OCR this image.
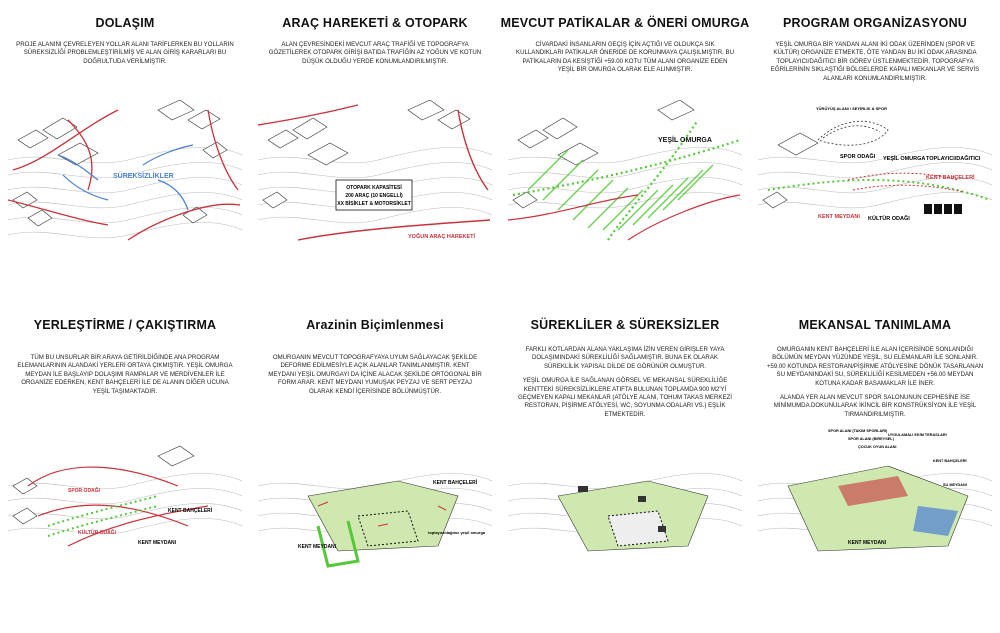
DOLAŞIM

PROJE ALANINI ÇEVRELEYEN YOLLAR ALANI TARİFLERKEN BU YOLLARIN SÜREKSİZLİĞİ PROBLEMLEŞTİRİLMİŞ VE ALAN GİRİŞ KARARLARI BU DOĞRULTUDA VERİLMİŞTİR.

SÜREKSİZLİKLER
ARAÇ HAREKETİ & OTOPARK

ALAN ÇEVRESİNDEKİ MEVCUT ARAÇ TRAFİĞİ VE TOPOGRAFYA GÖZETİLEREK OTOPARK GİRİŞİ BATIDA TRAFİĞİN AZ YOĞUN VE KOTUN DÜŞÜK OLDUĞU YERDE KONUMLANDIRILMIŞTIR.

OTOPARK KAPASİTESİ
200 ARAÇ (10 ENGELLİ)
XX BİSİKLET & MOTORSİKLET
YOĞUN ARAÇ HAREKETİ
MEVCUT PATİKALAR & ÖNERİ OMURGA

CİVARDAKİ İNSANLARIN GEÇİŞ İÇİN AÇTIĞI VE OLDUKÇA SIK KULLANDIKLARI PATİKALAR ÖNERİDE DE KORUNMAYA ÇALIŞILMIŞTIR. BU PATİKALARIN DA KESİŞTİĞİ +59.00 KOTU TÜM ALANI ORGANİZE EDEN YEŞİL BİR OMURGA OLARAK ELE ALINMIŞTIR.

YEŞİL OMURGA
PROGRAM ORGANİZASYONU

YEŞİL OMURGA BİR YANDAN ALANI İKİ ODAK ÜZERİNDEN (SPOR VE KÜLTÜR) ORGANİZE ETMEKTE, ÖTE YANDAN BU İKİ ODAK ARASINDA TOPLAYICI/DAĞITICI BİR GÖREV ÜSTLENMEKTEDİR. TOPOGRAFYA EĞRİLERİNİN SIKLAŞTIĞI BÖLGELERDE KAPALI MEKANLAR VE SERVİS ALANLARI KONUMLANDIRILMIŞTIR.

YÜRÜYÜŞ ALANI / SEYİRLİK & SPOR
SPOR ODAĞI YEŞİL OMURGA TOPLAYICI/DAĞITICI
KENT BAHÇELERİ
KENT MEYDANI KÜLTÜR ODAĞI
YERLEŞTİRME / ÇAKIŞTIRMA

TÜM BU UNSURLAR BİR ARAYA GETİRİLDİĞİNDE ANA PROGRAM ELEMANLARININ ALANDAKİ YERLERİ ORTAYA ÇIKMIŞTIR. YEŞİL OMURGA MEYDAN İLE BAŞLAYIP DOLAŞIMI RAMPALAR VE MERDİVENLER İLE ORGANİZE EDERKEN, KENT BAHÇELERİ İLE DE ALANIN DİĞER UCUNA YEŞİL TAŞIMAKTADIR.

SPOR ODAĞI
KÜLTÜR ODAĞI
KENT BAHÇELERİ
KENT MEYDANI
Arazinin Biçimlenmesi

OMURGANIN MEVCUT TOPOGRAFYAYA UYUM SAĞLAYACAK ŞEKİLDE DEFORME EDİLMESİYLE AÇIK ALANLAR TANIMLANMIŞTIR. KENT MEYDANI YEŞİL OMURGAYI DA İÇİNE ALACAK ŞEKİLDE ORTOGONAL BİR FORM ARAR. KENT MEYDANI YUMUŞAK PEYZAJ VE SERT PEYZAJ OLARAK KENDİ İÇERİSİNDE BÖLÜNMÜŞTÜR.

KENT BAHÇELERİ
toplayıcı/dağıtıcı yeşil omurga
KENT MEYDANI
SÜREKLİLER & SÜREKSİZLER

FARKLI KOTLARDAN ALANA YAKLAŞIMA İZİN VEREN GİRİŞLER YAYA DOLAŞIMINDAKİ SÜREKLİLİĞİ SAĞLAMIŞTIR. BUNA EK OLARAK SÜREKLİLİK YAPISAL DİLDE DE GÖRÜNÜR OLMUŞTUR.

YEŞİL OMURGA İLE SAĞLANAN GÖRSEL VE MEKANSAL SÜREKLİLİĞE KENTTEKİ SÜREKSİZLİKLERE ATIFTA BULUNAN TOPLAMDA 900 M2'Yİ GEÇMEYEN KAPALI MEKANLAR (ATÖLYE ALANI, TOHUM TAKAS MERKEZİ RESTORAN, PİŞİRME ATÖLYESİ, WC, SOYUNMA ODALARI VS.) EŞLİK ETMEKTEDİR.

MEKANSAL TANIMLAMA

OMURGANIN KENT BAHÇELERİ İLE ALAN İÇERİSİNDE SONLANDIĞI BÖLÜMÜN MEYDAN YÜZÜNDE YEŞİL, SU ELEMANLARI İLE SONLANIR. +59.00 KOTUNDA RESTORAN/PİŞİRME ATÖLYESİNE DÖNÜK TASARLANAN SU MEYDANINDAKİ SU, SÜREKLİLİĞİ KESİLMEDEN +56.00 MEYDAN KOTUNA KADAR BASAMAKLAR İLE İNER.

ALANDA YER ALAN MEVCUT SPOR SALONUNUN CEPHESİNE İSE MİNİMUMDA DOKUNULARAK İKİNCİL BİR KONSTRÜKSİYON İLE YEŞİL TIRMANDIRILMIŞTIR.

SPOR ALANI (TAKIM SPORLARI)
SPOR ALANI (BIREYSEL)
ÇOCUK OYUN ALANI
UYGULAMALI EKİM TERASLARI
KENT BAHÇELERİ
SU MEYDANI
KENT MEYDANI
